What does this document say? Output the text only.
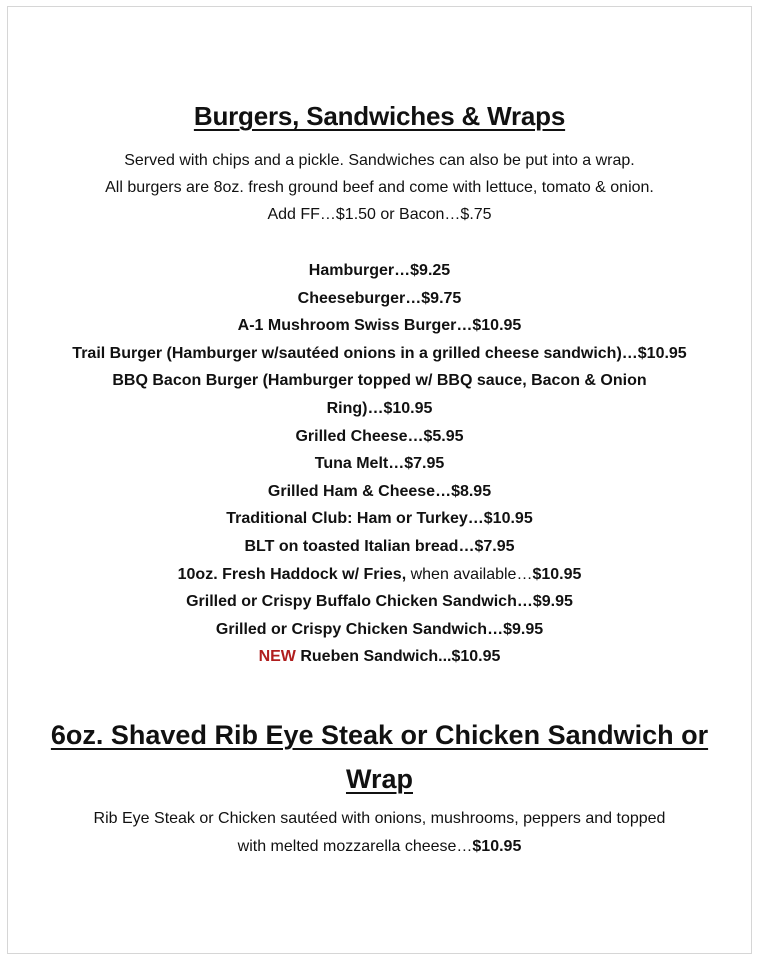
Burgers, Sandwiches & Wraps

Served with chips and a pickle. Sandwiches can also be put into a wrap.
All burgers are 8oz. fresh ground beef and come with lettuce, tomato & onion.
Add FF…$1.50 or Bacon…$.75

Hamburger…$9.25
Cheeseburger…$9.75
A-1 Mushroom Swiss Burger…$10.95
Trail Burger (Hamburger w/sautéed onions in a grilled cheese sandwich)…$10.95
BBQ Bacon Burger (Hamburger topped w/ BBQ sauce, Bacon & Onion
Ring)…$10.95
Grilled Cheese…$5.95
Tuna Melt…$7.95
Grilled Ham & Cheese…$8.95
Traditional Club: Ham or Turkey…$10.95
BLT on toasted Italian bread…$7.95
10oz. Fresh Haddock w/ Fries, when available…$10.95
Grilled or Crispy Buffalo Chicken Sandwich…$9.95
Grilled or Crispy Chicken Sandwich…$9.95
NEW Rueben Sandwich...$10.95
6oz. Shaved Rib Eye Steak or Chicken Sandwich or
Wrap

Rib Eye Steak or Chicken sautéed with onions, mushrooms, peppers and topped
with melted mozzarella cheese…$10.95
